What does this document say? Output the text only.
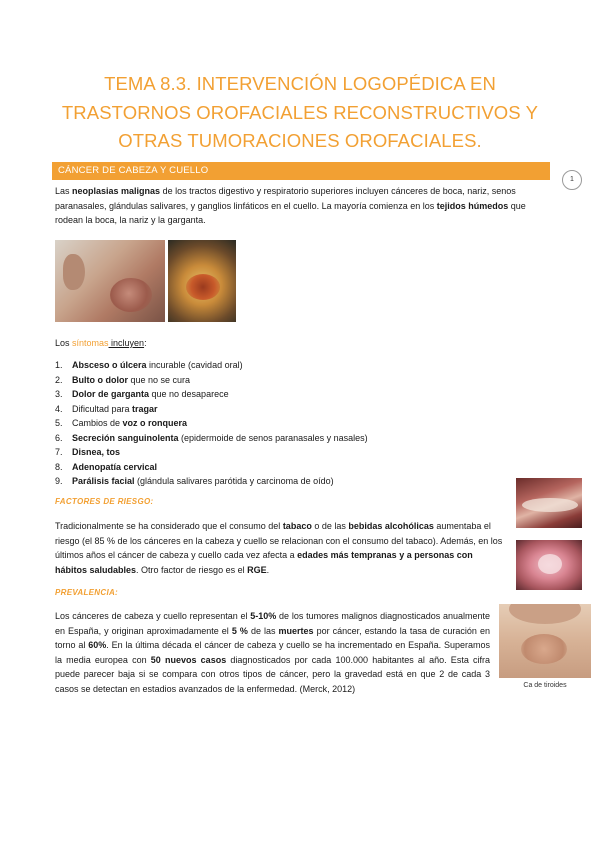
TEMA 8.3. INTERVENCIÓN LOGOPÉDICA EN
TRASTORNOS OROFACIALES RECONSTRUCTIVOS Y
OTRAS TUMORACIONES OROFACIALES.
CÁNCER DE CABEZA Y CUELLO
1
Las neoplasias malignas de los tractos digestivo y respiratorio superiores incluyen cánceres de boca, nariz, senos paranasales, glándulas salivares, y ganglios linfáticos en el cuello. La mayoría comienza en los tejidos húmedos que rodean la boca, la nariz y la garganta.
Los síntomas incluyen:
1. Absceso o úlcera incurable (cavidad oral)
2. Bulto o dolor que no se cura
3. Dolor de garganta que no desaparece
4. Dificultad para tragar
5. Cambios de voz o ronquera
6. Secreción sanguinolenta (epidermoide de senos paranasales y nasales)
7. Disnea, tos
8. Adenopatía cervical
9. Parálisis facial (glándula salivares parótida y carcinoma de oído)
FACTORES DE RIESGO:
Tradicionalmente se ha considerado que el consumo del tabaco o de las bebidas alcohólicas aumentaba el riesgo (el 85 % de los cánceres en la cabeza y cuello se relacionan con el consumo del tabaco). Además, en los últimos años el cáncer de cabeza y cuello cada vez afecta a edades más tempranas y a personas con hábitos saludables. Otro factor de riesgo es el RGE.
PREVALENCIA:
Los cánceres de cabeza y cuello representan el 5-10% de los tumores malignos diagnosticados anualmente en España, y originan aproximadamente el 5 % de las muertes por cáncer, estando la tasa de curación en torno al 60%. En la última década el cáncer de cabeza y cuello se ha incrementado en España. Superamos la media europea con 50 nuevos casos diagnosticados por cada 100.000 habitantes al año. Esta cifra puede parecer baja si se compara con otros tipos de cáncer, pero la gravedad está en que 2 de cada 3 casos se detectan en estadios avanzados de la enfermedad. (Merck, 2012)	Ca de tiroides
